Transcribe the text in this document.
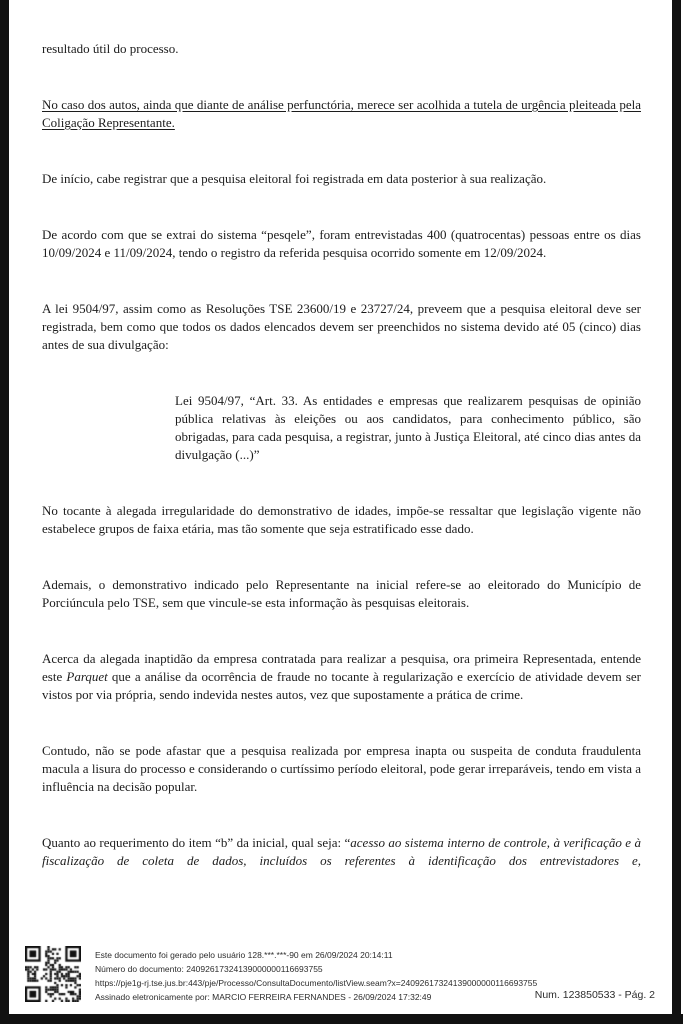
resultado útil do processo.

No caso dos autos, ainda que diante de análise perfunctória, merece ser acolhida a tutela de urgência pleiteada pela Coligação Representante.

De início, cabe registrar que a pesquisa eleitoral foi registrada em data posterior à sua realização.

De acordo com que se extrai do sistema “pesqele”, foram entrevistadas 400 (quatrocentas) pessoas entre os dias 10/09/2024 e 11/09/2024, tendo o registro da referida pesquisa ocorrido somente em 12/09/2024.

A lei 9504/97, assim como as Resoluções TSE 23600/19 e 23727/24, preveem que a pesquisa eleitoral deve ser registrada, bem como que todos os dados elencados devem ser preenchidos no sistema devido até 05 (cinco) dias antes de sua divulgação:

Lei 9504/97, “Art. 33. As entidades e empresas que realizarem pesquisas de opinião pública relativas às eleições ou aos candidatos, para conhecimento público, são obrigadas, para cada pesquisa, a registrar, junto à Justiça Eleitoral, até cinco dias antes da divulgação (...)”

No tocante à alegada irregularidade do demonstrativo de idades, impõe-se ressaltar que legislação vigente não estabelece grupos de faixa etária, mas tão somente que seja estratificado esse dado.

Ademais, o demonstrativo indicado pelo Representante na inicial refere-se ao eleitorado do Município de Porciúncula pelo TSE, sem que vincule-se esta informação às pesquisas eleitorais.

Acerca da alegada inaptidão da empresa contratada para realizar a pesquisa, ora primeira Representada, entende este Parquet que a análise da ocorrência de fraude no tocante à regularização e exercício de atividade devem ser vistos por via própria, sendo indevida nestes autos, vez que supostamente a prática de crime.

Contudo, não se pode afastar que a pesquisa realizada por empresa inapta ou suspeita de conduta fraudulenta macula a lisura do processo e considerando o curtíssimo período eleitoral, pode gerar irreparáveis, tendo em vista a influência na decisão popular.

Quanto ao requerimento do item “b” da inicial, qual seja: “acesso ao sistema interno de controle, à verificação e à fiscalização de coleta de dados, incluídos os referentes à identificação dos entrevistadores e,

Este documento foi gerado pelo usuário 128.***.***-90 em 26/09/2024 20:14:11
Número do documento: 24092617324139000000116693755
https://pje1g-rj.tse.jus.br:443/pje/Processo/ConsultaDocumento/listView.seam?x=24092617324139000000116693755
Assinado eletronicamente por: MARCIO FERREIRA FERNANDES - 26/09/2024 17:32:49	Num. 123850533 - Pág. 2
